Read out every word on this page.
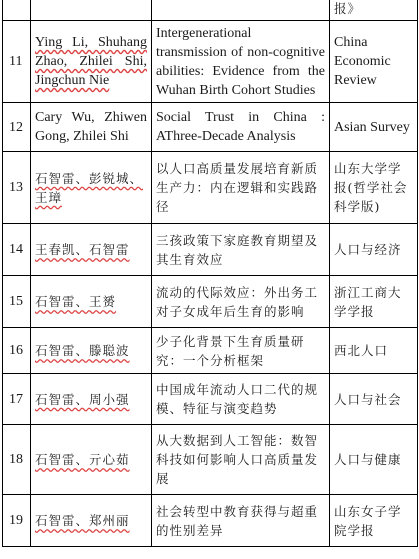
			报》
11	Ying Li, Shuhang Zhao, Zhilei Shi, Jingchun Nie	Intergenerational transmission of non-cognitive abilities: Evidence from the Wuhan Birth Cohort Studies	China Economic Review
12	Cary Wu, Zhiwen Gong, Zhilei Shi	Social Trust in China : AThree-Decade Analysis	Asian Survey
13	石智雷、彭锐城、王璋	以人口高质量发展培育新质生产力：内在逻辑和实践路径	山东大学学报(哲学社会科学版)
14	王春凯、石智雷	三孩政策下家庭教育期望及其生育效应	人口与经济
15	石智雷、王赟	流动的代际效应：外出务工对子女成年后生育的影响	浙江工商大学学报
16	石智雷、滕聪波	少子化背景下生育质量研究：一个分析框架	西北人口
17	石智雷、周小强	中国成年流动人口二代的规模、特征与演变趋势	人口与社会
18	石智雷、亓心茹	从大数据到人工智能：数智科技如何影响人口高质量发展	人口与健康
19	石智雷、郑州丽	社会转型中教育获得与超重的性别差异	山东女子学院学报
